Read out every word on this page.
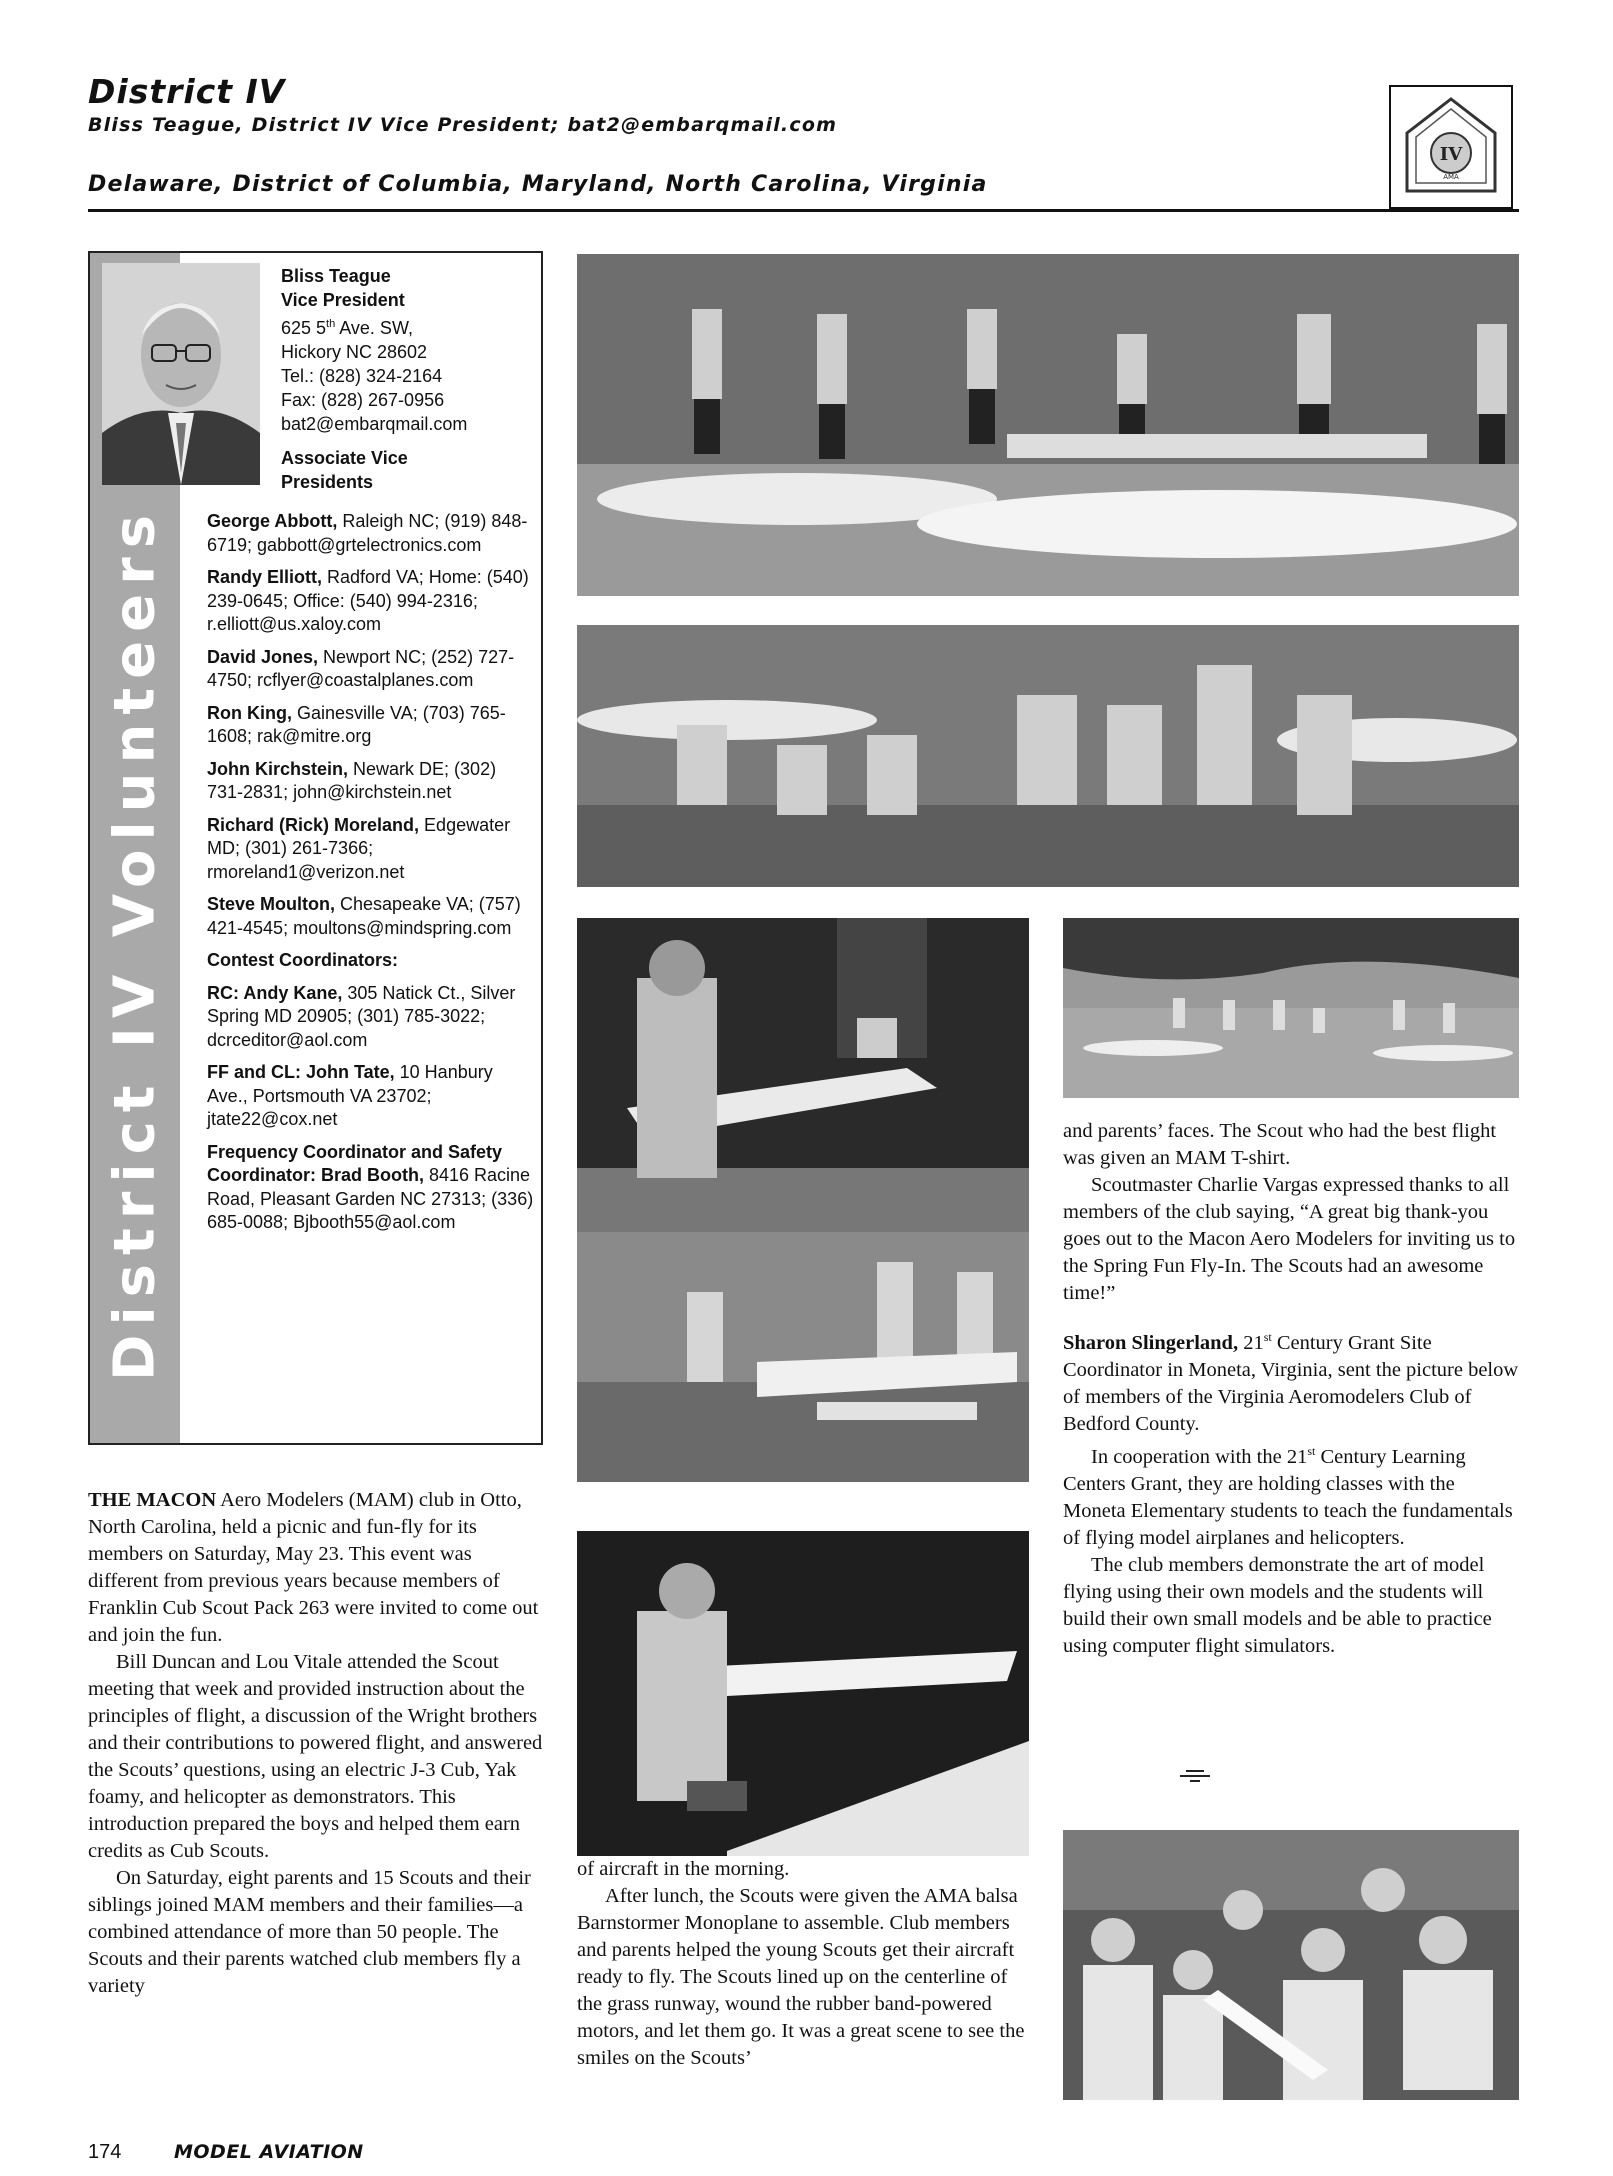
District IV
Bliss Teague, District IV Vice President; bat2@embarqmail.com
Delaware, District of Columbia, Maryland, North Carolina, Virginia
IV
AMA
District IV Volunteers
Bliss Teague
Vice President
625 5th Ave. SW,
Hickory NC 28602
Tel.: (828) 324-2164
Fax: (828) 267-0956
bat2@embarqmail.com
Associate Vice Presidents
George Abbott, Raleigh NC; (919) 848-6719; gabbott@grtelectronics.com
Randy Elliott, Radford VA; Home: (540) 239-0645; Office: (540) 994-2316; r.elliott@us.xaloy.com
David Jones, Newport NC; (252) 727-4750; rcflyer@coastalplanes.com
Ron King, Gainesville VA; (703) 765-1608; rak@mitre.org
John Kirchstein, Newark DE; (302) 731-2831; john@kirchstein.net
Richard (Rick) Moreland, Edgewater MD; (301) 261-7366; rmoreland1@verizon.net
Steve Moulton, Chesapeake VA; (757) 421-4545; moultons@mindspring.com
Contest Coordinators:
RC: Andy Kane, 305 Natick Ct., Silver Spring MD 20905; (301) 785-3022; dcrceditor@aol.com
FF and CL: John Tate, 10 Hanbury Ave., Portsmouth VA 23702; jtate22@cox.net
Frequency Coordinator and Safety Coordinator: Brad Booth, 8416 Racine Road, Pleasant Garden NC 27313; (336) 685-0088; Bjbooth55@aol.com

THE MACON Aero Modelers (MAM) club in Otto, North Carolina, held a picnic and fun-fly for its members on Saturday, May 23. This event was different from previous years because members of Franklin Cub Scout Pack 263 were invited to come out and join the fun.

Bill Duncan and Lou Vitale attended the Scout meeting that week and provided instruction about the principles of flight, a discussion of the Wright brothers and their contributions to powered flight, and answered the Scouts’ questions, using an electric J-3 Cub, Yak foamy, and helicopter as demonstrators. This introduction prepared the boys and helped them earn credits as Cub Scouts.

On Saturday, eight parents and 15 Scouts and their siblings joined MAM members and their families—a combined attendance of more than 50 people. The Scouts and their parents watched club members fly a variety

of aircraft in the morning.

After lunch, the Scouts were given the AMA balsa Barnstormer Monoplane to assemble. Club members and parents helped the young Scouts get their aircraft ready to fly. The Scouts lined up on the centerline of the grass runway, wound the rubber band-powered motors, and let them go. It was a great scene to see the smiles on the Scouts’

and parents’ faces. The Scout who had the best flight was given an MAM T-shirt.

Scoutmaster Charlie Vargas expressed thanks to all members of the club saying, “A great big thank-you goes out to the Macon Aero Modelers for inviting us to the Spring Fun Fly-In. The Scouts had an awesome time!”

Sharon Slingerland, 21st Century Grant Site Coordinator in Moneta, Virginia, sent the picture below of members of the Virginia Aeromodelers Club of Bedford County.

In cooperation with the 21st Century Learning Centers Grant, they are holding classes with the Moneta Elementary students to teach the fundamentals of flying model airplanes and helicopters.

The club members demonstrate the art of model flying using their own models and the students will build their own small models and be able to practice using computer flight simulators.

174	MODEL AVIATION
